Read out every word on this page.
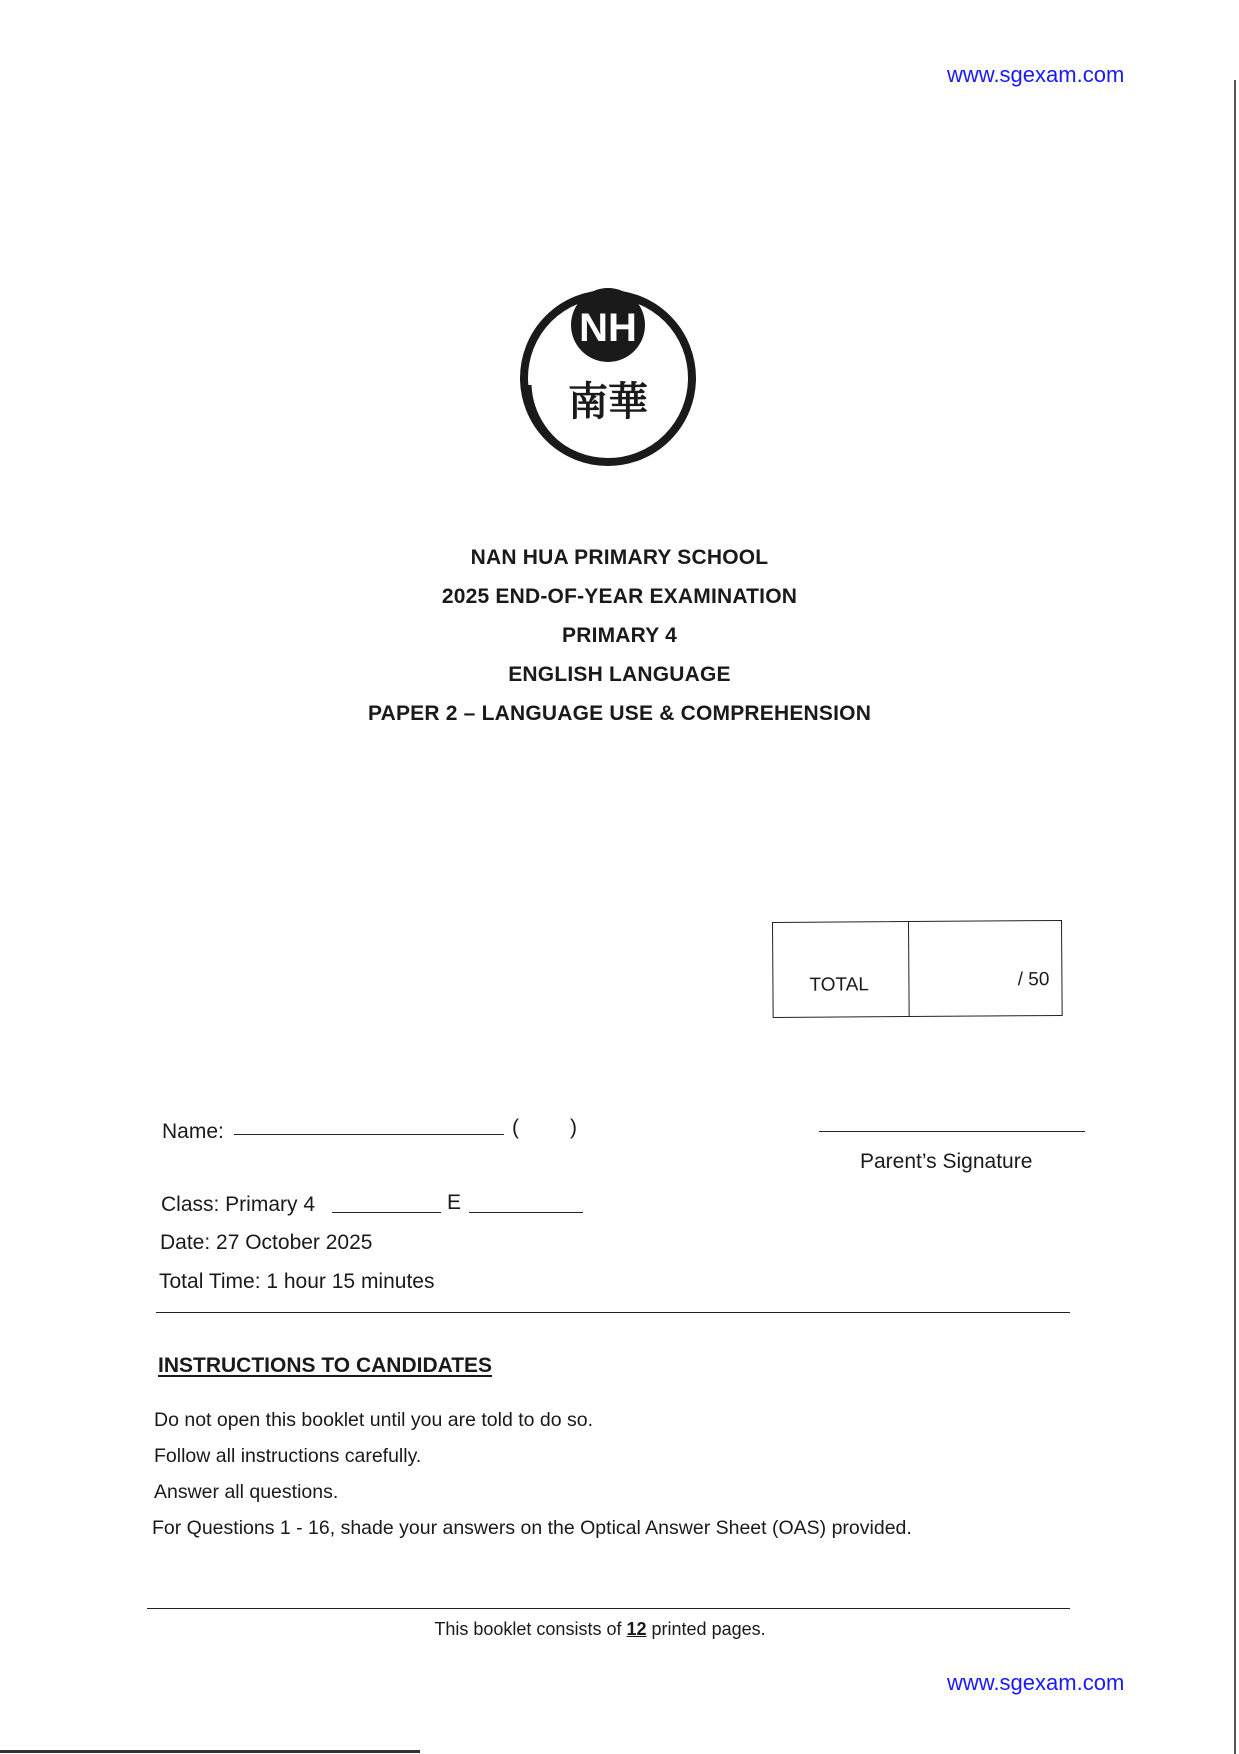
www.sgexam.com
NH
南華
NAN HUA PRIMARY SCHOOL
2025 END-OF-YEAR EXAMINATION
PRIMARY 4
ENGLISH LANGUAGE
PAPER 2 – LANGUAGE USE & COMPREHENSION
TOTAL	/ 50
Name:	( )
Parent’s Signature
Class: Primary 4	E
Date: 27 October 2025
Total Time: 1 hour 15 minutes
INSTRUCTIONS TO CANDIDATES
Do not open this booklet until you are told to do so.
Follow all instructions carefully.
Answer all questions.
For Questions 1 - 16, shade your answers on the Optical Answer Sheet (OAS) provided.
This booklet consists of 12 printed pages.
www.sgexam.com
